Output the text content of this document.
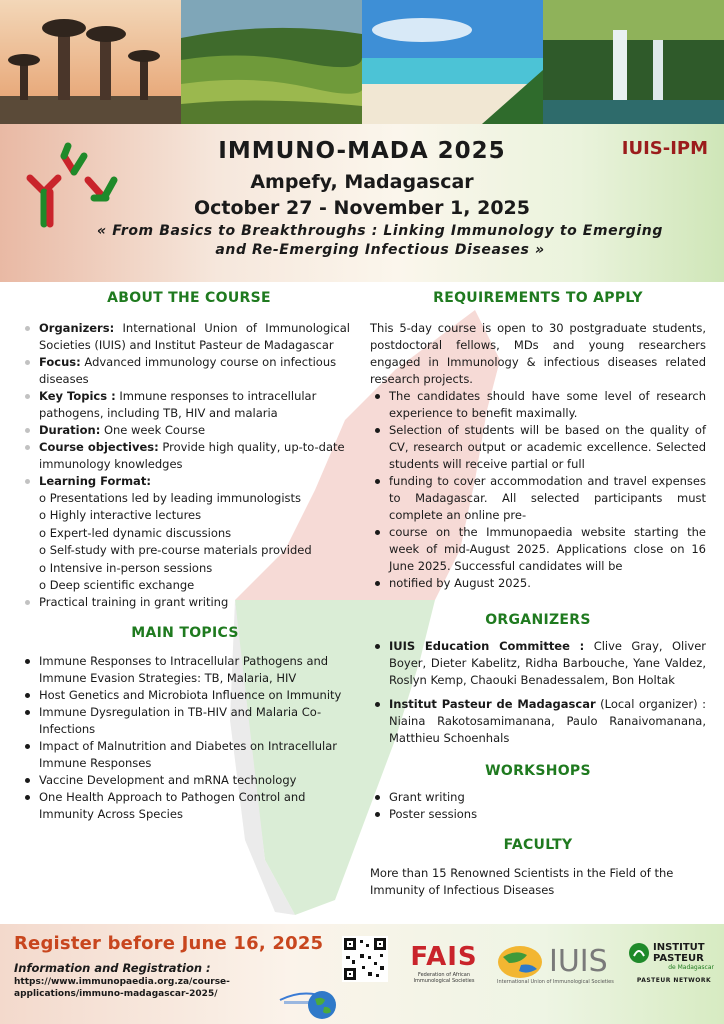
IMMUNO-MADA 2025
Ampefy, Madagascar
October 27 - November 1, 2025
« From Basics to Breakthroughs : Linking Immunology to Emerging and Re-Emerging Infectious Diseases »
IUIS-IPM
ABOUT THE COURSE
Organizers: International Union of Immunological Societies (IUIS) and Institut Pasteur de Madagascar
Focus: Advanced immunology course on infectious diseases
Key Topics : Immune responses to intracellular pathogens, including TB, HIV and malaria
Duration: One week Course
Course objectives: Provide high quality, up-to-date immunology knowledges
Learning Format:
o Presentations led by leading immunologists
o Highly interactive lectures
o Expert-led dynamic discussions
o Self-study with pre-course materials provided
o Intensive in-person sessions
o Deep scientific exchange
Practical training in grant writing
MAIN TOPICS
Immune Responses to Intracellular Pathogens and Immune Evasion Strategies: TB, Malaria, HIV
Host Genetics and Microbiota Influence on Immunity
Immune Dysregulation in TB-HIV and Malaria Co-Infections
Impact of Malnutrition and Diabetes on Intracellular Immune Responses
Vaccine Development and mRNA technology
One Health Approach to Pathogen Control and Immunity Across Species
REQUIREMENTS TO APPLY

This 5-day course is open to 30 postgraduate students, postdoctoral fellows, MDs and young researchers engaged in Immunology & infectious diseases related research projects.

The candidates should have some level of research experience to benefit maximally.
Selection of students will be based on the quality of CV, research output or academic excellence. Selected students will receive partial or full
funding to cover accommodation and travel expenses to Madagascar. All selected participants must complete an online pre-
course on the Immunopaedia website starting the week of mid-August 2025. Applications close on 16 June 2025. Successful candidates will be
notified by August 2025.
ORGANIZERS
IUIS Education Committee : Clive Gray, Oliver Boyer, Dieter Kabelitz, Ridha Barbouche, Yane Valdez, Roslyn Kemp, Chaouki Benadessalem, Bon Holtak
Institut Pasteur de Madagascar (Local organizer) : Niaina Rakotosamimanana, Paulo Ranaivomanana, Matthieu Schoenhals
WORKSHOPS
Grant writing
Poster sessions
FACULTY

More than 15 Renowned Scientists in the Field of the Immunity of Infectious Diseases

Register before June 16, 2025
Information and Registration :
https://www.immunopaedia.org.za/course-applications/immuno-madagascar-2025/
FAIS
Federation of African Immunological Societies
IUIS
International Union of Immunological Societies
INSTITUT
PASTEUR
de Madagascar
PASTEUR NETWORK
